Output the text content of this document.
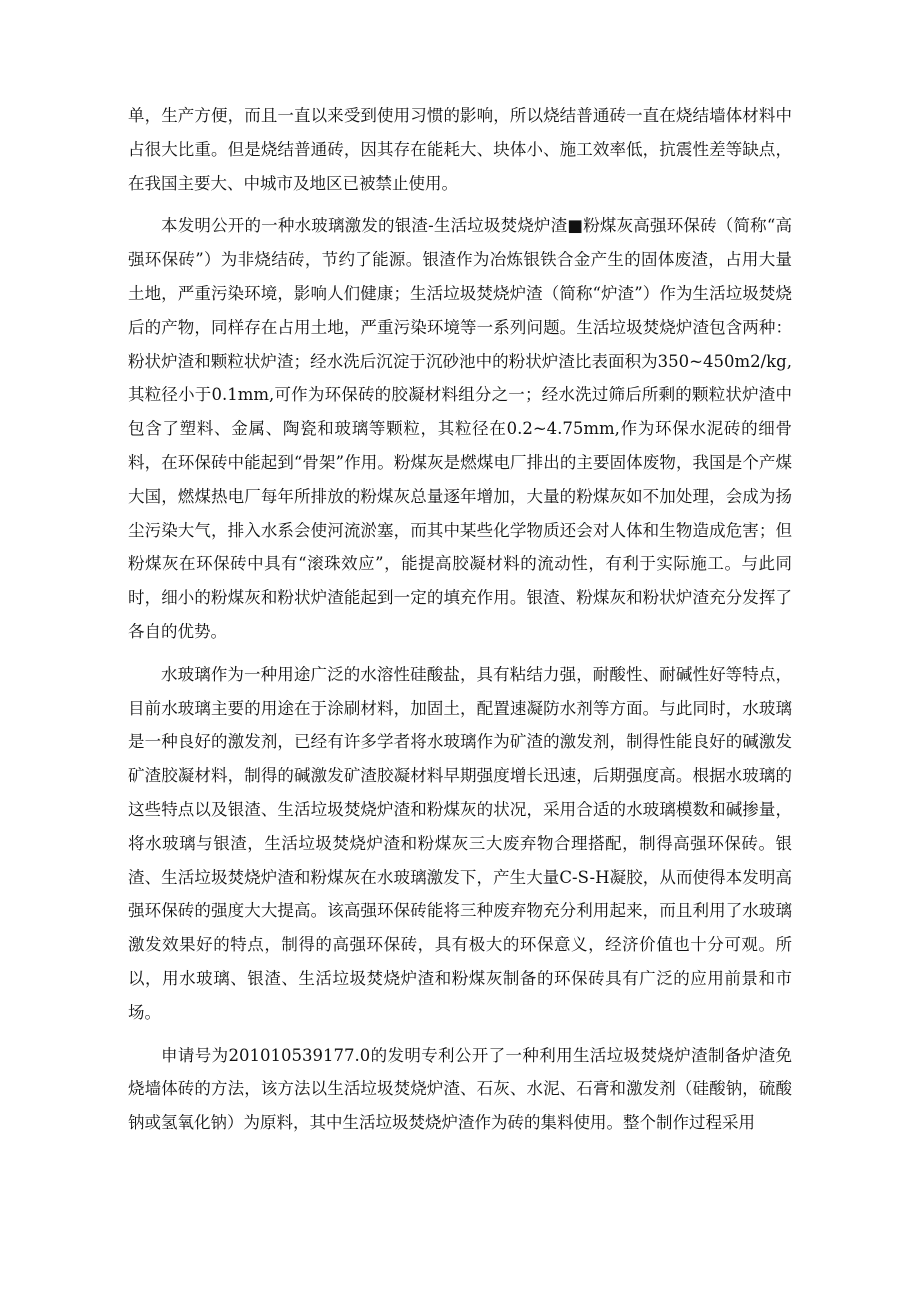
单，生产方便，而且一直以来受到使用习惯的影响，所以烧结普通砖一直在烧结墙体材料中占很大比重。但是烧结普通砖，因其存在能耗大、块体小、施工效率低，抗震性差等缺点，在我国主要大、中城市及地区已被禁止使用。

本发明公开的一种水玻璃激发的银渣-生活垃圾焚烧炉渣■粉煤灰高强环保砖（简称“高强环保砖”）为非烧结砖，节约了能源。银渣作为冶炼银铁合金产生的固体废渣，占用大量土地，严重污染环境，影响人们健康；生活垃圾焚烧炉渣（简称“炉渣”）作为生活垃圾焚烧后的产物，同样存在占用土地，严重污染环境等一系列问题。生活垃圾焚烧炉渣包含两种：粉状炉渣和颗粒状炉渣；经水洗后沉淀于沉砂池中的粉状炉渣比表面积为350~450m2/kg,其粒径小于0.1mm,可作为环保砖的胶凝材料组分之一；经水洗过筛后所剩的颗粒状炉渣中包含了塑料、金属、陶瓷和玻璃等颗粒，其粒径在0.2~4.75mm,作为环保水泥砖的细骨料，在环保砖中能起到“骨架”作用。粉煤灰是燃煤电厂排出的主要固体废物，我国是个产煤大国，燃煤热电厂每年所排放的粉煤灰总量逐年增加，大量的粉煤灰如不加处理，会成为扬尘污染大气，排入水系会使河流淤塞，而其中某些化学物质还会对人体和生物造成危害；但粉煤灰在环保砖中具有“滚珠效应”，能提高胶凝材料的流动性，有利于实际施工。与此同时，细小的粉煤灰和粉状炉渣能起到一定的填充作用。银渣、粉煤灰和粉状炉渣充分发挥了各自的优势。

水玻璃作为一种用途广泛的水溶性硅酸盐，具有粘结力强，耐酸性、耐碱性好等特点，目前水玻璃主要的用途在于涂刷材料，加固土，配置速凝防水剂等方面。与此同时，水玻璃是一种良好的激发剂，已经有许多学者将水玻璃作为矿渣的激发剂，制得性能良好的碱激发矿渣胶凝材料，制得的碱激发矿渣胶凝材料早期强度增长迅速，后期强度高。根据水玻璃的这些特点以及银渣、生活垃圾焚烧炉渣和粉煤灰的状况，采用合适的水玻璃模数和碱掺量，将水玻璃与银渣，生活垃圾焚烧炉渣和粉煤灰三大废弃物合理搭配，制得高强环保砖。银渣、生活垃圾焚烧炉渣和粉煤灰在水玻璃激发下，产生大量C-S-H凝胶，从而使得本发明高强环保砖的强度大大提高。该高强环保砖能将三种废弃物充分利用起来，而且利用了水玻璃激发效果好的特点，制得的高强环保砖，具有极大的环保意义，经济价值也十分可观。所以，用水玻璃、银渣、生活垃圾焚烧炉渣和粉煤灰制备的环保砖具有广泛的应用前景和市场。

申请号为201010539177.0的发明专利公开了一种利用生活垃圾焚烧炉渣制备炉渣免烧墙体砖的方法，该方法以生活垃圾焚烧炉渣、石灰、水泥、石膏和激发剂（硅酸钠，硫酸钠或氢氧化钠）为原料，其中生活垃圾焚烧炉渣作为砖的集料使用。整个制作过程采用
